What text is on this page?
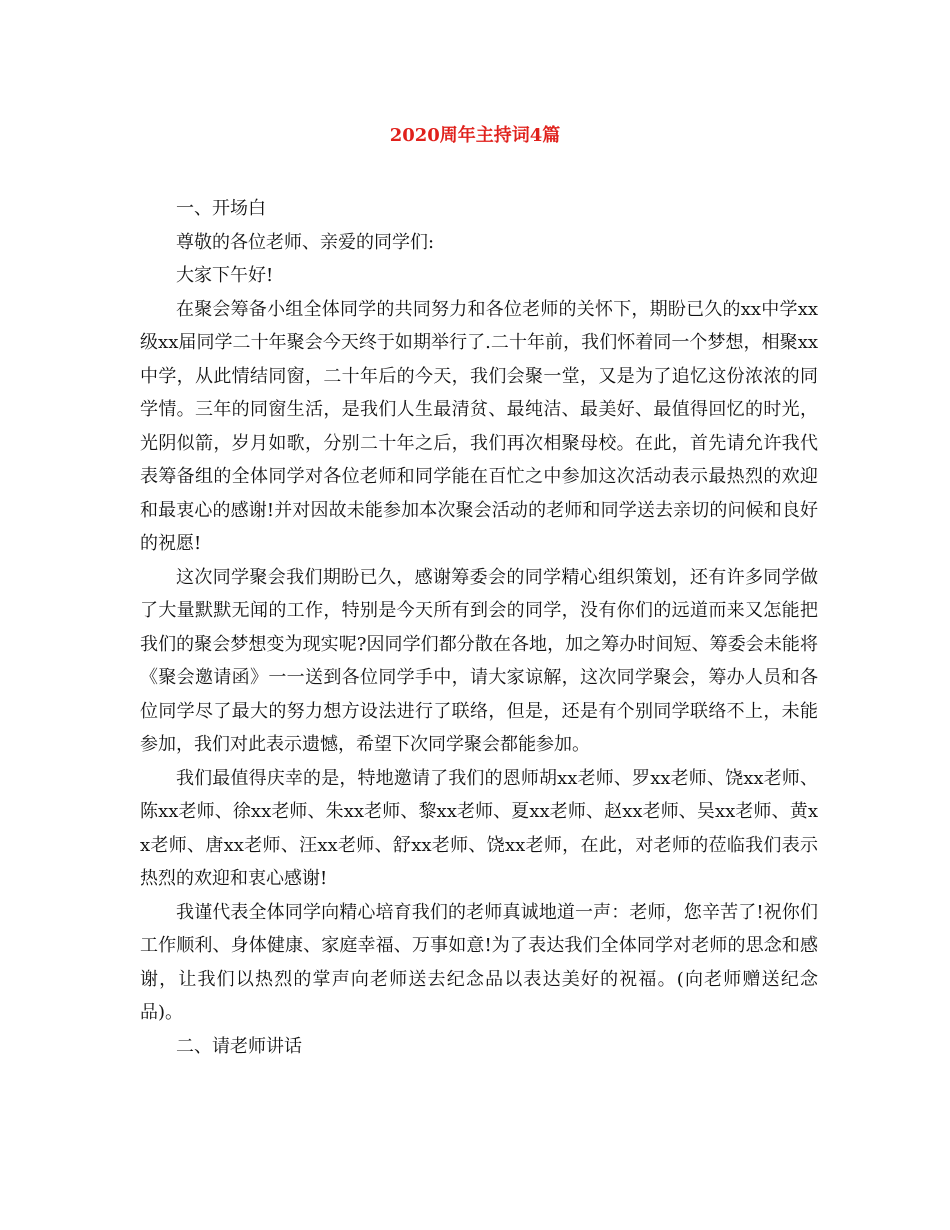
2020周年主持词4篇

一、开场白

尊敬的各位老师、亲爱的同学们:

大家下午好!

在聚会筹备小组全体同学的共同努力和各位老师的关怀下，期盼已久的xx中学xx级xx届同学二十年聚会今天终于如期举行了.二十年前，我们怀着同一个梦想，相聚xx中学，从此情结同窗，二十年后的今天，我们会聚一堂，又是为了追忆这份浓浓的同学情。三年的同窗生活，是我们人生最清贫、最纯洁、最美好、最值得回忆的时光，光阴似箭，岁月如歌，分别二十年之后，我们再次相聚母校。在此，首先请允许我代表筹备组的全体同学对各位老师和同学能在百忙之中参加这次活动表示最热烈的欢迎和最衷心的感谢!并对因故未能参加本次聚会活动的老师和同学送去亲切的问候和良好的祝愿!

这次同学聚会我们期盼已久，感谢筹委会的同学精心组织策划，还有许多同学做了大量默默无闻的工作，特别是今天所有到会的同学，没有你们的远道而来又怎能把我们的聚会梦想变为现实呢?因同学们都分散在各地，加之筹办时间短、筹委会未能将《聚会邀请函》一一送到各位同学手中，请大家谅解，这次同学聚会，筹办人员和各位同学尽了最大的努力想方设法进行了联络，但是，还是有个别同学联络不上，未能参加，我们对此表示遗憾，希望下次同学聚会都能参加。

我们最值得庆幸的是，特地邀请了我们的恩师胡xx老师、罗xx老师、饶xx老师、陈xx老师、徐xx老师、朱xx老师、黎xx老师、夏xx老师、赵xx老师、吴xx老师、黄xx老师、唐xx老师、汪xx老师、舒xx老师、饶xx老师，在此，对老师的莅临我们表示热烈的欢迎和衷心感谢!

我谨代表全体同学向精心培育我们的老师真诚地道一声：老师，您辛苦了!祝你们工作顺利、身体健康、家庭幸福、万事如意!为了表达我们全体同学对老师的思念和感谢，让我们以热烈的掌声向老师送去纪念品以表达美好的祝福。(向老师赠送纪念品)。

二、请老师讲话
